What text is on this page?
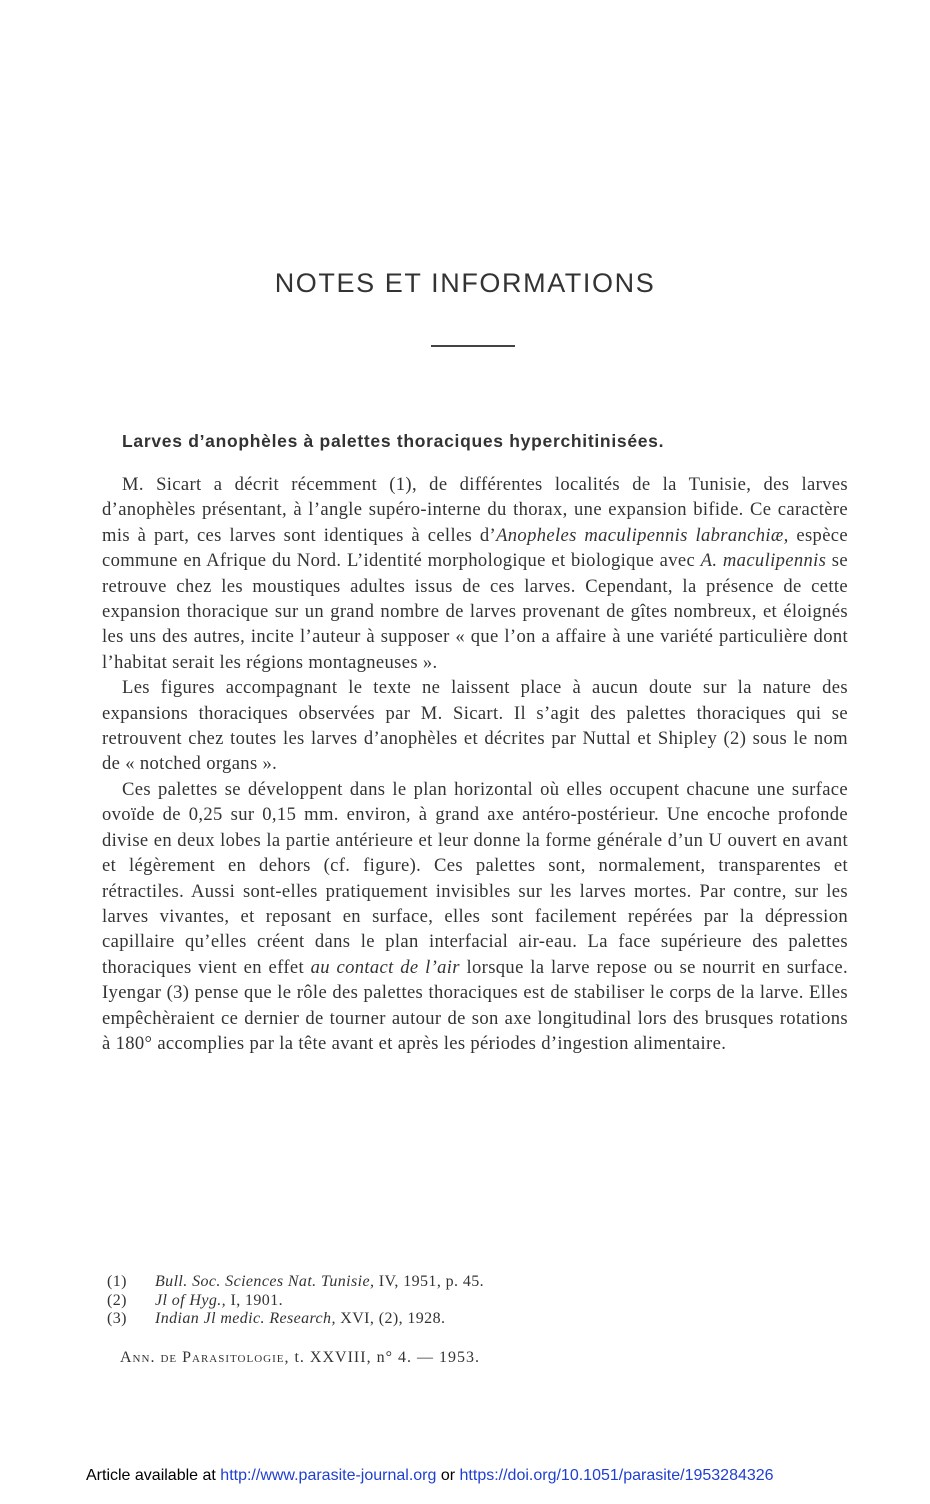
NOTES ET INFORMATIONS
Larves d’anophèles à palettes thoraciques hyperchitinisées.

M. Sicart a décrit récemment (1), de différentes localités de la Tunisie, des larves d’anophèles présentant, à l’angle supéro-interne du thorax, une expansion bifide. Ce caractère mis à part, ces larves sont identiques à celles d’Anopheles maculipennis labranchiæ, espèce commune en Afrique du Nord. L’identité morphologique et biologique avec A. maculipennis se retrouve chez les moustiques adultes issus de ces larves. Cependant, la présence de cette expansion thoracique sur un grand nombre de larves provenant de gîtes nombreux, et éloignés les uns des autres, incite l’auteur à supposer « que l’on a affaire à une variété particulière dont l’habitat serait les régions montagneuses ».

Les figures accompagnant le texte ne laissent place à aucun doute sur la nature des expansions thoraciques observées par M. Sicart. Il s’agit des palettes thoraciques qui se retrouvent chez toutes les larves d’anophèles et décrites par Nuttal et Shipley (2) sous le nom de « notched organs ».

Ces palettes se développent dans le plan horizontal où elles occupent chacune une surface ovoïde de 0,25 sur 0,15 mm. environ, à grand axe antéro-postérieur. Une encoche profonde divise en deux lobes la partie antérieure et leur donne la forme générale d’un U ouvert en avant et légèrement en dehors (cf. figure). Ces palettes sont, normalement, transparentes et rétractiles. Aussi sont-elles pratiquement invisibles sur les larves mortes. Par contre, sur les larves vivantes, et reposant en surface, elles sont facilement repérées par la dépression capillaire qu’elles créent dans le plan interfacial air-eau. La face supérieure des palettes thoraciques vient en effet au contact de l’air lorsque la larve repose ou se nourrit en surface. Iyengar (3) pense que le rôle des palettes thoraciques est de stabiliser le corps de la larve. Elles empêchèraient ce dernier de tourner autour de son axe longitudinal lors des brusques rotations à 180° accomplies par la tête avant et après les périodes d’ingestion alimentaire.

(1) Bull. Soc. Sciences Nat. Tunisie, IV, 1951, p. 45.
(2) Jl of Hyg., I, 1901.
(3) Indian Jl medic. Research, XVI, (2), 1928.
Ann. de Parasitologie, t. XXVIII, n° 4. — 1953.
Article available at http://www.parasite-journal.org or https://doi.org/10.1051/parasite/1953284326
